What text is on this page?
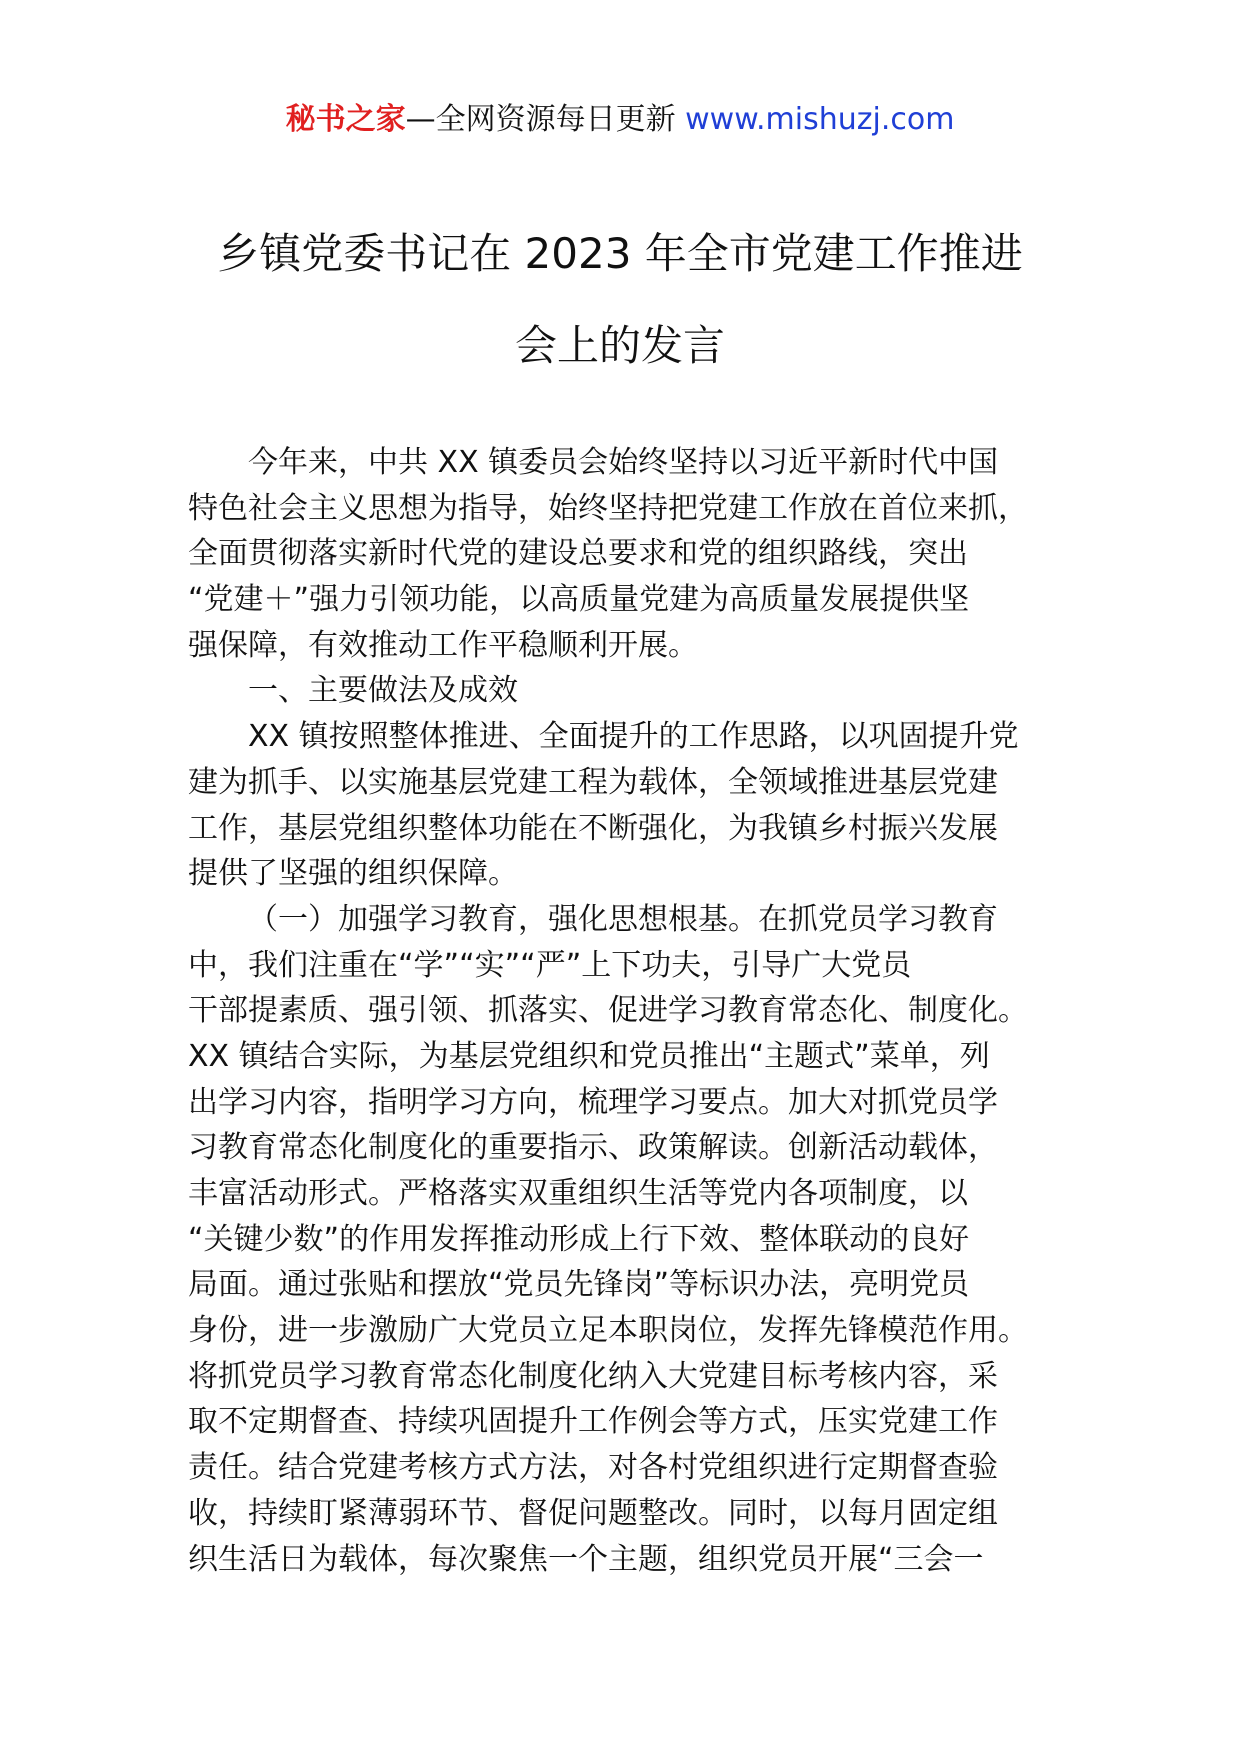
秘书之家—全网资源每日更新 www.mishuzj.com
乡镇党委书记在 2023 年全市党建工作推进
会上的发言
今年来，中共 XX 镇委员会始终坚持以习近平新时代中国
特色社会主义思想为指导，始终坚持把党建工作放在首位来抓，
全面贯彻落实新时代党的建设总要求和党的组织路线，突出
“党建＋”强力引领功能，以高质量党建为高质量发展提供坚
强保障，有效推动工作平稳顺利开展。
一、主要做法及成效
XX 镇按照整体推进、全面提升的工作思路，以巩固提升党
建为抓手、以实施基层党建工程为载体，全领域推进基层党建
工作，基层党组织整体功能在不断强化，为我镇乡村振兴发展
提供了坚强的组织保障。
（一）加强学习教育，强化思想根基。在抓党员学习教育
中，我们注重在“学”“实”“严”上下功夫，引导广大党员
干部提素质、强引领、抓落实、促进学习教育常态化、制度化。
XX 镇结合实际，为基层党组织和党员推出“主题式”菜单，列
出学习内容，指明学习方向，梳理学习要点。加大对抓党员学
习教育常态化制度化的重要指示、政策解读。创新活动载体，
丰富活动形式。严格落实双重组织生活等党内各项制度，以
“关键少数”的作用发挥推动形成上行下效、整体联动的良好
局面。通过张贴和摆放“党员先锋岗”等标识办法，亮明党员
身份，进一步激励广大党员立足本职岗位，发挥先锋模范作用。
将抓党员学习教育常态化制度化纳入大党建目标考核内容，采
取不定期督查、持续巩固提升工作例会等方式，压实党建工作
责任。结合党建考核方式方法，对各村党组织进行定期督查验
收，持续盯紧薄弱环节、督促问题整改。同时，以每月固定组
织生活日为载体，每次聚焦一个主题，组织党员开展“三会一
